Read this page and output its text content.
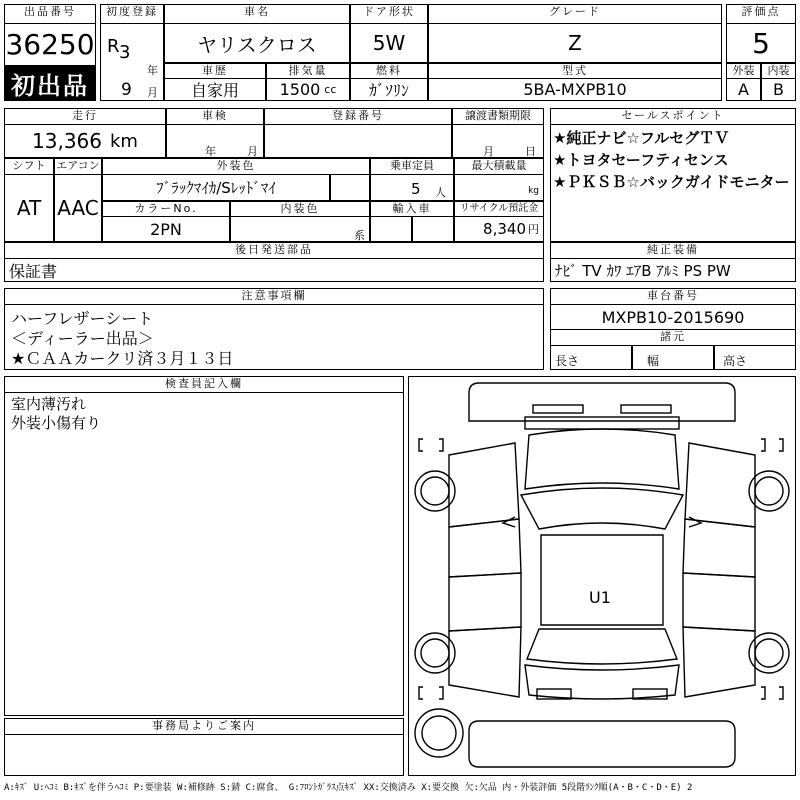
出品番号
36250
初出品
初度登録
R 3
年
9 月
車名
ヤリスクロス
ドア形状
5W
グレード
Z
評価点
5
車歴
自家用
排気量
1500 cc
燃料
ｶﾞｿﾘﾝ
型式
5BA-MXPB10
外装	内装
A	B
走行
13,366 km
車検
年	月
登録番号	譲渡書類期限
月	日
シフト
AT
エアコン
AAC
外装色
ﾌﾞﾗｯｸﾏｲｶ/Sﾚｯﾄﾞﾏｲ
乗車定員
5 人
最大積載量
kg
カラーNo.
2PN
内装色
系
輸入車	リサイクル預託金
8,340 円
セールスポイント
★純正ナビ☆フルセグＴＶ
★トヨタセーフティセンス
★ＰＫＳＢ☆バックガイドモニター
後日発送部品
保証書
純正装備
ﾅﾋﾞ TV ｶﾜ ｴｱB ｱﾙﾐ PS PW
注意事項欄
ハーフレザーシート
＜ディーラー出品＞
★ＣＡＡカークリ済３月１３日
車台番号
MXPB10-2015690
諸元
長さ	幅	高さ
検査員記入欄
室内薄汚れ
外装小傷有り
事務局よりご案内
U1
A:ｷｽﾞ U:ﾍｺﾐ B:ｷｽﾞを伴うﾍｺﾐ P:要塗装 W:補修跡 S:錆 C:腐食、 G:ﾌﾛﾝﾄｶﾞﾗｽ点ｷｽﾞ XX:交換済み X:要交換 欠:欠品 内・外装評価 5段階ﾗﾝｸ順(A・B・C・D・E) 2
